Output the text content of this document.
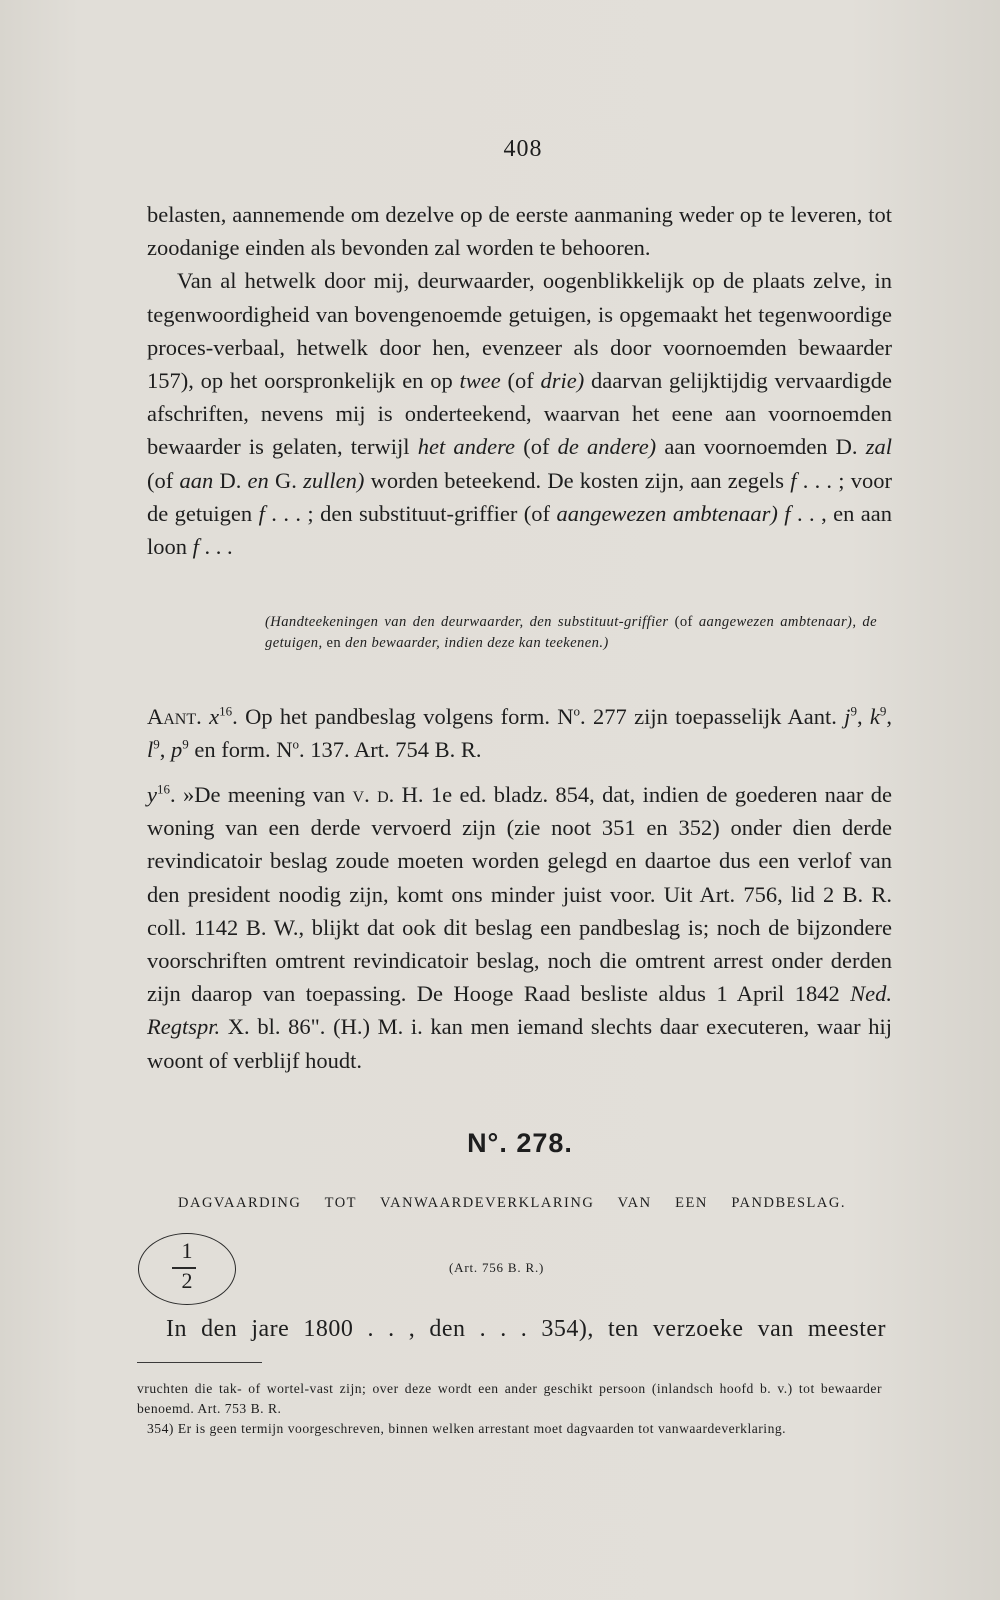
408

belasten, aannemende om dezelve op de eerste aanmaning weder op te leveren, tot zoodanige einden als bevonden zal worden te behooren.

Van al hetwelk door mij, deurwaarder, oogenblikkelijk op de plaats zelve, in tegenwoordigheid van bovengenoemde getuigen, is opgemaakt het tegenwoordige proces-verbaal, hetwelk door hen, evenzeer als door voornoemden bewaarder 157), op het oorspronkelijk en op twee (of drie) daarvan gelijktijdig vervaardigde afschriften, nevens mij is onderteekend, waarvan het eene aan voornoemden bewaarder is gelaten, terwijl het andere (of de andere) aan voornoemden D. zal (of aan D. en G. zullen) worden beteekend. De kosten zijn, aan zegels f . . . ; voor de getuigen f . . . ; den substituut-griffier (of aangewezen ambtenaar) f . . , en aan loon f . . .

(Handteekeningen van den deurwaarder, den substituut-griffier (of aangewezen ambtenaar), de getuigen, en den bewaarder, indien deze kan teekenen.)

Aant. $x^{16}$. Op het pandbeslag volgens form. $N^o$. 277 zijn toepasselijk Aant. $j^9$, $k^9$, $l^9$, $p^9$ en form. $N^o$. 137. Art. 754 B. R.

$y^{16}$. »De meening van v. d. H. 1e ed. bladz. 854, dat, indien de goederen naar de woning van een derde vervoerd zijn (zie noot 351 en 352) onder dien derde revindicatoir beslag zoude moeten worden gelegd en daartoe dus een verlof van den president noodig zijn, komt ons minder juist voor. Uit Art. 756, lid 2 B. R. coll. 1142 B. W., blijkt dat ook dit beslag een pandbeslag is; noch de bijzondere voorschriften omtrent revindicatoir beslag, noch die omtrent arrest onder derden zijn daarop van toepassing. De Hooge Raad besliste aldus 1 April 1842 Ned. Regtspr. X. bl. 86". (H.) M. i. kan men iemand slechts daar executeren, waar hij woont of verblijf houdt.

N°. 278.
DAGVAARDING TOT VANWAARDEVERKLARING VAN EEN PANDBESLAG.
1
2
(Art. 756 B. R.)
In den jare 1800 . . , den . . . 354), ten verzoeke van meester

vruchten die tak- of wortel-vast zijn; over deze wordt een ander geschikt persoon (inlandsch hoofd b. v.) tot bewaarder benoemd. Art. 753 B. R.

354) Er is geen termijn voorgeschreven, binnen welken arrestant moet dagvaarden tot vanwaardeverklaring.
